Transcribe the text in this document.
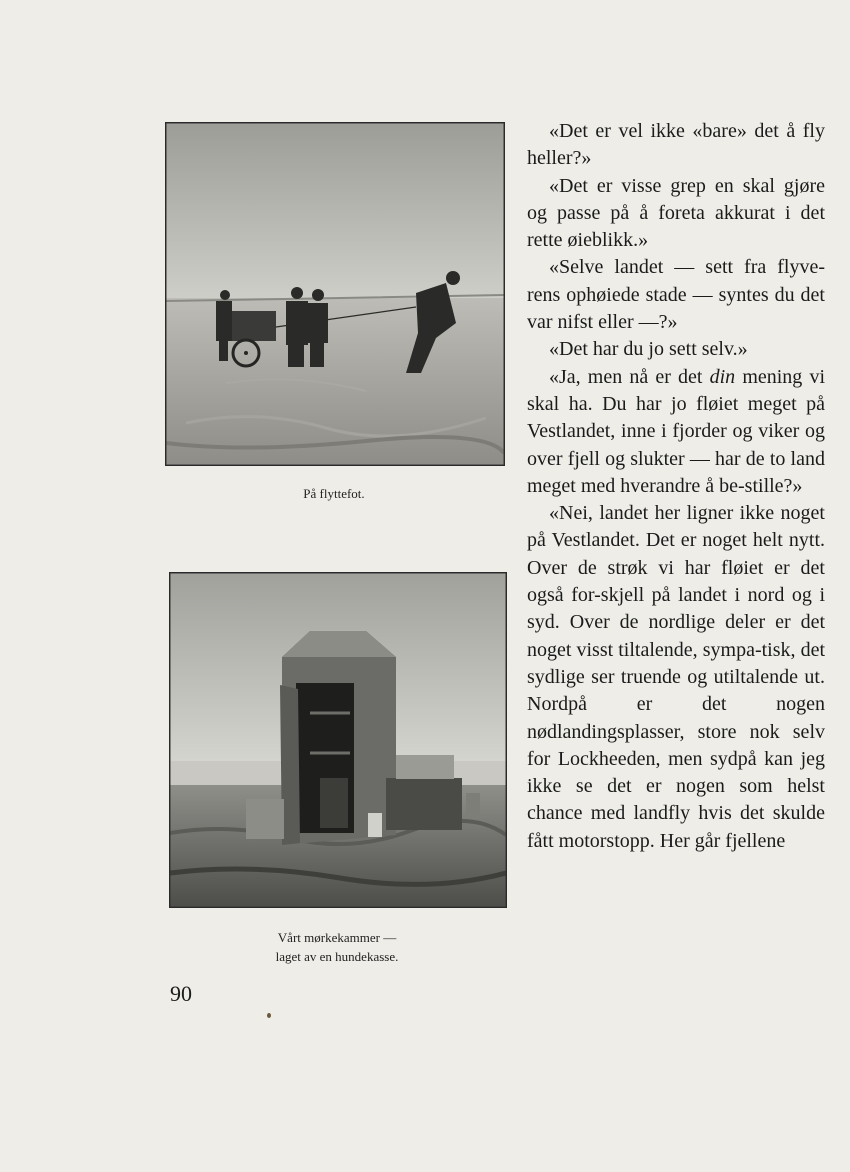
På flyttefot.
Vårt mørkekammer —
laget av en hundekasse.

«Det er vel ikke «bare» det å fly heller?»

«Det er visse grep en skal gjøre og passe på å foreta akkurat i det rette øieblikk.»

«Selve landet — sett fra flyve-rens ophøiede stade — syntes du det var nifst eller —?»

«Det har du jo sett selv.»

«Ja, men nå er det din mening vi skal ha. Du har jo fløiet meget på Vestlandet, inne i fjorder og viker og over fjell og slukter — har de to land meget med hverandre å be-stille?»

«Nei, landet her ligner ikke noget på Vestlandet. Det er noget helt nytt. Over de strøk vi har fløiet er det også for-skjell på landet i nord og i syd. Over de nordlige deler er det noget visst tiltalende, sympa-tisk, det sydlige ser truende og utiltalende ut. Nordpå er det nogen nødlandingsplasser, store nok selv for Lockheeden, men sydpå kan jeg ikke se det er nogen som helst chance med landfly hvis det skulde fått motorstopp. Her går fjellene

90
